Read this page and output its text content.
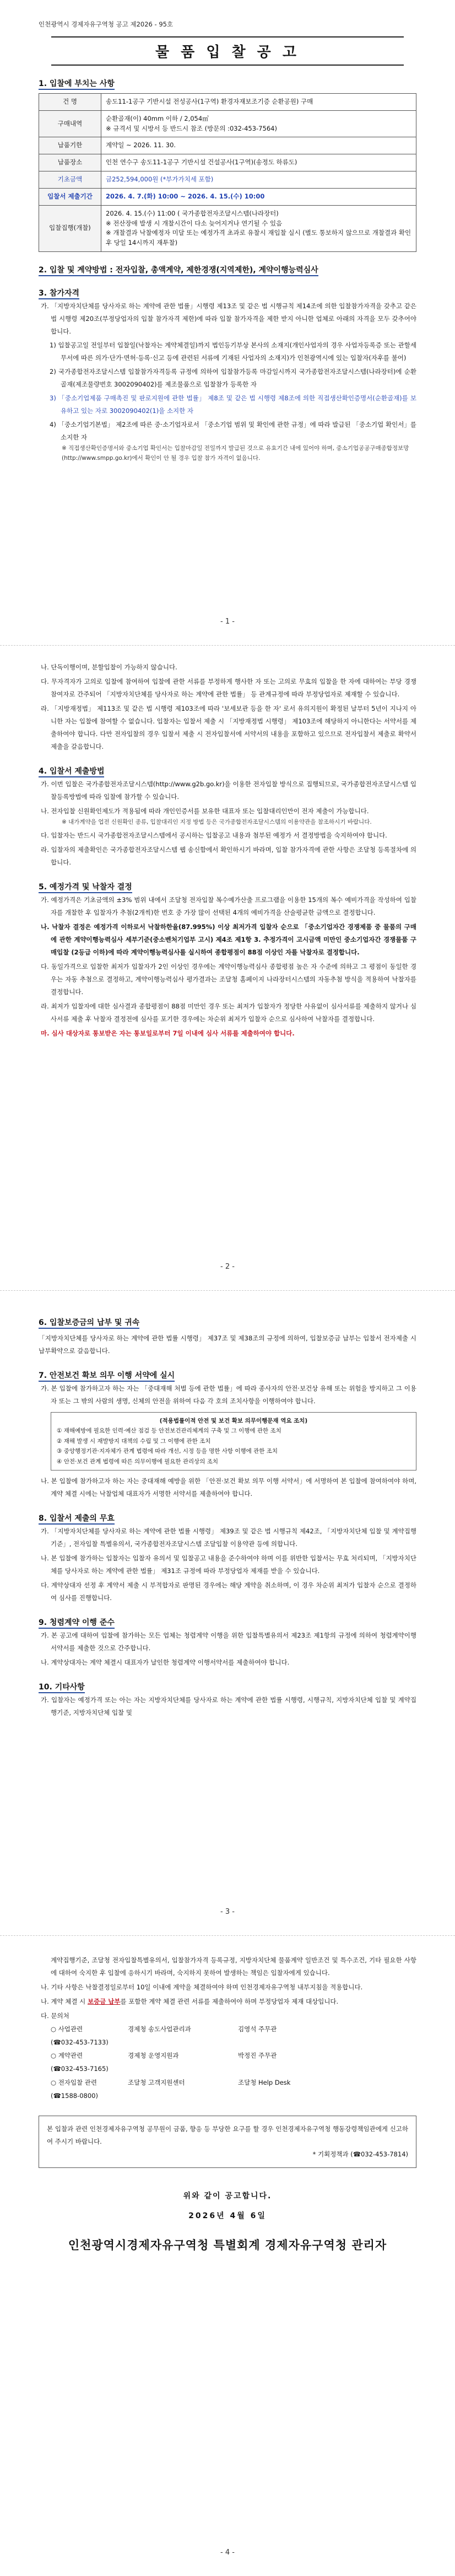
인천광역시 경제자유구역청 공고 제2026 - 95호
물 품 입 찰 공 고
1. 입찰에 부치는 사항
건 명	송도11-1공구 기반시설 전성공사(1구역) 환경자재보조기증 순환공원) 구매
구매내역	순환골재(이) 40mm 이하 / 2,054㎥
※ 규격서 및 시방서 등 반드시 참조 (방문의 :032-453-7564)
납품기한	계약일 ~ 2026. 11. 30.
납품장소	인천 연수구 송도11-1공구 기반시설 건설공사(1구역)(송정도 하류도)
기초금액	금252,594,000원 (*부가가치세 포함)
입찰서 제출기간	2026. 4. 7.(화) 10:00 ~ 2026. 4. 15.(수) 10:00
입찰집행(개찰)	2026. 4. 15.(수) 11:00 ( 국가종합전자조달시스템(나라장터)
※ 전산장애 발생 시 개찰시간이 다소 늦어지거나 연기될 수 있음
※ 개찰결과 낙찰예정자 미달 또는 예정가격 초과로 유찰시 재입찰 실시 (별도 통보하지 않으므로 개찰결과 확인 후 당일 14시까지 재투찰)
2. 입찰 및 계약방법 : 전자입찰, 총액계약, 제한경쟁(지역제한), 계약이행능력심사
3. 참가자격
가. 「지방자치단체를 당사자로 하는 계약에 관한 법률」시행령 제13조 및 같은 법 시행규칙 제14조에 의한 입찰참가자격을 갖추고 같은 법 시행령 제20조(부정당업자의 입찰 참가자격 제한)에 따라 입찰 참가자격을 제한 받지 아니한 업체로 아래의 자격을 모두 갖추어야 합니다.
1) 입찰공고일 전일부터 입찰일(낙찰자는 계약체결일)까지 법인등기부상 본사의 소재지(개인사업자의 경우 사업자등록증 또는 관할세무서에 따른 의가·단가·면허·등록·신고 등에 관련된 서류에 기재된 사업자의 소재지)가 인천광역시에 있는 입찰자(자후를 불어)
2) 국가종합전자조달시스템 입찰참가자격등록 규정에 의하여 입찰참가등록 마감일시까지 국가종합전자조달시스템(나라장터)에 순환골재(제조물량번호 3002090402)를 제조물품으로 입찰참가 등록한 자
3) 「중소기업제품 구매촉진 및 판로지원에 관한 법률」 제8조 및 같은 법 시행령 제8조에 의한 직접생산확인증명서(순환골재)를 보유하고 있는 자로 3002090402(1)을 소지한 자
4) 「중소기업기본법」 제2조에 따른 중·소기업자로서 「중소기업 범위 및 확인에 관한 규정」에 따라 발급된 「중소기업 확인서」를 소지한 자
※ 직접생산확인증명서와 중소기업 확인서는 입찰마감일 전일까지 발급된 것으로 유효기간 내에 있어야 하며, 중소기업공공구매종합정보망(http://www.smpp.go.kr)에서 확인이 안 될 경우 입찰 참가 자격이 없음니다.
- 1 -
나. 단독이행이며, 분할입찰이 가능하지 않습니다.
다. 무자격자가 고의로 입찰에 참여하여 입찰에 관한 서류를 부정하게 행사한 자 또는 고의로 무효의 입찰을 한 자에 대하여는 부당 경쟁참여자로 간주되어 「지방자치단체를 당사자로 하는 계약에 관한 법률」 등 관계규정에 따라 부정당업자로 제재할 수 있습니다.
라. 「지방재정법」 제113조 및 같은 법 시행령 제103조에 따라 '보세보관 등을 한 자' 로서 유의지원이 확정된 날부터 5년이 지나지 아니한 자는 입찰에 참여할 수 없습니다. 입찰자는 입찰서 제출 시 「지방재정법 시행령」 제103조에 해당하지 아니한다는 서약서를 제출하여야 합니다. 다만 전자입찰의 경우 입찰서 제출 시 전자입찰서에 서약서의 내용을 포함하고 있으므로 전자입찰서 제출로 확약서 제출을 갈음합니다.
4. 입찰서 제출방법
가. 이번 입찰은 국가종합전자조달시스템(http://www.g2b.go.kr)을 이용한 전자입찰 방식으로 집행되므로, 국가종합전자조달시스템 입찰등록방법에 따라 입찰에 참가할 수 있습니다.
나. 전자입찰 신원확인제도가 적용됨에 따라 개인인증서를 보유한 대표자 또는 입찰대리인만이 전자 제출이 가능합니다.
※ 내가계약을 업전 신원확인 종류, 입찰대리인 지정 방법 등은 국가종합전자조달시스템의 이용약관을 참조하시기 바랍니다.
다. 입찰자는 반드시 국가종합전자조달시스템에서 공시하는 입찰공고 내용과 첨부된 예정가 서 결정방법을 숙지하여야 합니다.
라. 입찰자의 제출확인은 국가종합전자조달시스템 웹 송신함에서 확인하시기 바라며, 입찰 참가자격에 관한 사항은 조달청 등록절차에 의합니다.
5. 예정가격 및 낙찰자 결정
가. 예정가격은 기초금액의 ±3% 범위 내에서 조달청 전자입찰 복수예가산출 프로그램을 이용한 15개의 복수 예비가격을 작성하여 입찰자를 개찰한 후 입찰자가 추첨(2개씩)한 번호 중 가장 많이 선택된 4개의 예비가격을 산술평균한 금액으로 결정합니다.
나. 낙찰자 결정은 예정가격 이하로서 낙찰하한율(87.995%) 이상 최저가격 입찰자 순으로 「중소기업자간 경쟁제품 중 물품의 구매에 관한 계약이행능력심사 세부기준(중소벤처기업부 고시) 제4조 제1항 3. 추정가격이 고시금액 미만인 중소기업자간 경쟁물품 구매입찰 (2등급 이하)에 따라 계약이행능력심사를 실시하여 종합평점이 88점 이상인 자를 낙찰자로 결정합니다.
다. 동일가격으로 입찰한 최저가 입찰자가 2인 이상인 경우에는 계약이행능력심사 종합평점 높은 자 수준에 의하고 그 평점이 동일한 경우는 자동 추첨으로 결정하고, 계약이행능력심사 평가결과는 조달청 홈페이지 나라장터시스템의 자동추첨 방식을 적용하여 낙찰자를 결정합니다.
라. 최저가 입찰자에 대한 심사결과 종합평점이 88점 미만인 경우 또는 최저가 입찰자가 정당한 사유없이 심사서류를 제출하지 않거나 심사서류 제출 후 낙찰자 결정전에 심사를 포기한 경우에는 차순위 최저가 입찰자 순으로 심사하여 낙찰자를 결정합니다.
마. 심사 대상자로 통보받은 자는 통보일로부터 7일 이내에 심사 서류를 제출하여야 합니다.
- 2 -
6. 입찰보증금의 납부 및 귀속
「지방자치단체를 당사자로 하는 계약에 관한 법률 시행령」 제37조 및 제38조의 규정에 의하여, 입찰보증금 납부는 입찰서 전자제출 시 납부확약으로 갈음합니다.
7. 안전보건 확보 의무 이행 서약에 실시
가. 본 입찰에 참가하고자 하는 자는 「중대재해 처벌 등에 관한 법률」에 따라 종사자의 안전·보건상 유해 또는 위험을 방지하고 그 이용자 또는 그 밖의 사람의 생명, 신체의 안전을 위하여 다음 각 호의 조치사항을 이행하여야 합니다.
(적용법률이적 안전 및 보건 확보 의무이행문재 역요 조치)
① 재해예방에 필요한 인력·예산 점검 등 안전보건관리체계의 구축 및 그 이행에 관한 조치
② 재해 발생 시 재발방지 대책의 수립 및 그 이행에 관한 조치
③ 중앙행정기관·지자체가 관계 법령에 따라 개선, 시정 등을 명한 사항 이행에 관한 조치
④ 안전·보건 관계 법령에 따른 의무이행에 필요한 관리상의 조치
나. 본 입찰에 참가하고자 하는 자는 중대재해 예방을 위한 「안전·보건 확보 의무 이행 서약서」에 서명하여 본 입찰에 참여하여야 하며, 계약 체결 시에는 낙찰업체 대표자가 서명한 서약서를 제출하여야 합니다.
8. 입찰서 제출의 무효
가. 「지방자치단체를 당사자로 하는 계약에 관한 법률 시행령」 제39조 및 같은 법 시행규칙 제42조, 「지방자치단체 입찰 및 계약집행기준」, 전자입찰 특별유의서, 국가종합전자조달시스템 조달입찰 이용약관 등에 의합니다.
나. 본 입찰에 참가하는 입찰자는 입찰자 유의서 및 입찰공고 내용을 준수하여야 하며 이를 위반한 입찰서는 무효 처리되며, 「지방자치단체를 당사자로 하는 계약에 관한 법률」 제31조 규정에 따라 부정당업자 제재를 받을 수 있습니다.
다. 계약상대자 선정 후 계약서 제출 시 부적합자로 판명된 경우에는 해당 계약을 취소하며, 이 경우 차순위 최저가 입찰자 순으로 결정하여 심사를 진행합니다.
9. 청렴계약 이행 준수
가. 본 공고에 대하여 입찰에 참가하는 모든 업체는 청렴계약 이행을 위한 입찰특별유의서 제23조 제1항의 규정에 의하여 청렴계약이행서약서를 제출한 것으로 간주합니다.
나. 계약상대자는 계약 체결시 대표자가 날인한 청렴계약 이행서약서를 제출하여야 합니다.
10. 기타사항
가. 입찰자는 예정가격 또는 아는 자는 지방자치단체를 당사자로 하는 계약에 관한 법률 시행령, 시행규칙, 지방자치단체 입찰 및 계약집행기준, 지방자치단체 입찰 및
- 3 -
계약집행기준, 조달청 전자입찰특별유의서, 입찰참가자격 등록규정, 지방자치단체 물품계약 일반조건 및 특수조건, 기타 필요한 사항에 대하여 숙지한 후 입찰에 응하시기 바라며, 숙지하지 못하여 발생하는 책임은 입찰자에게 있습니다.
나. 기타 사항은 낙찰결정일로부터 10일 이내에 계약을 체결하여야 하며 인천경제자유구역청 내부지침을 적용합니다.
나. 계약 체결 시 보증금 납부를 포함한 계약 체결 관련 서류를 제출하여야 하며 부정당업자 제재 대상입니다.
다. 문의처
○ 사업관련	경제청 송도사업관리과	김영석 주무관(☎032-453-7133)
○ 계약관련	경제청 운영지원과	박정진 주무관(☎032-453-7165)
○ 전자입찰 관련	조달청 고객지원센터	조달청 Help Desk(☎1588-0800)
본 입찰과 관련 인천경제자유구역청 공무원이 금품, 향응 등 부당한 요구를 할 경우 인천경제자유구역청 행동강령책임관에게 신고하여 주시기 바랍니다.
* 기획정책과 (☎032-453-7814)
위와 같이 공고합니다.
2026년 4월 6일
인천광역시경제자유구역청 특별회계 경제자유구역청 관리자
- 4 -
